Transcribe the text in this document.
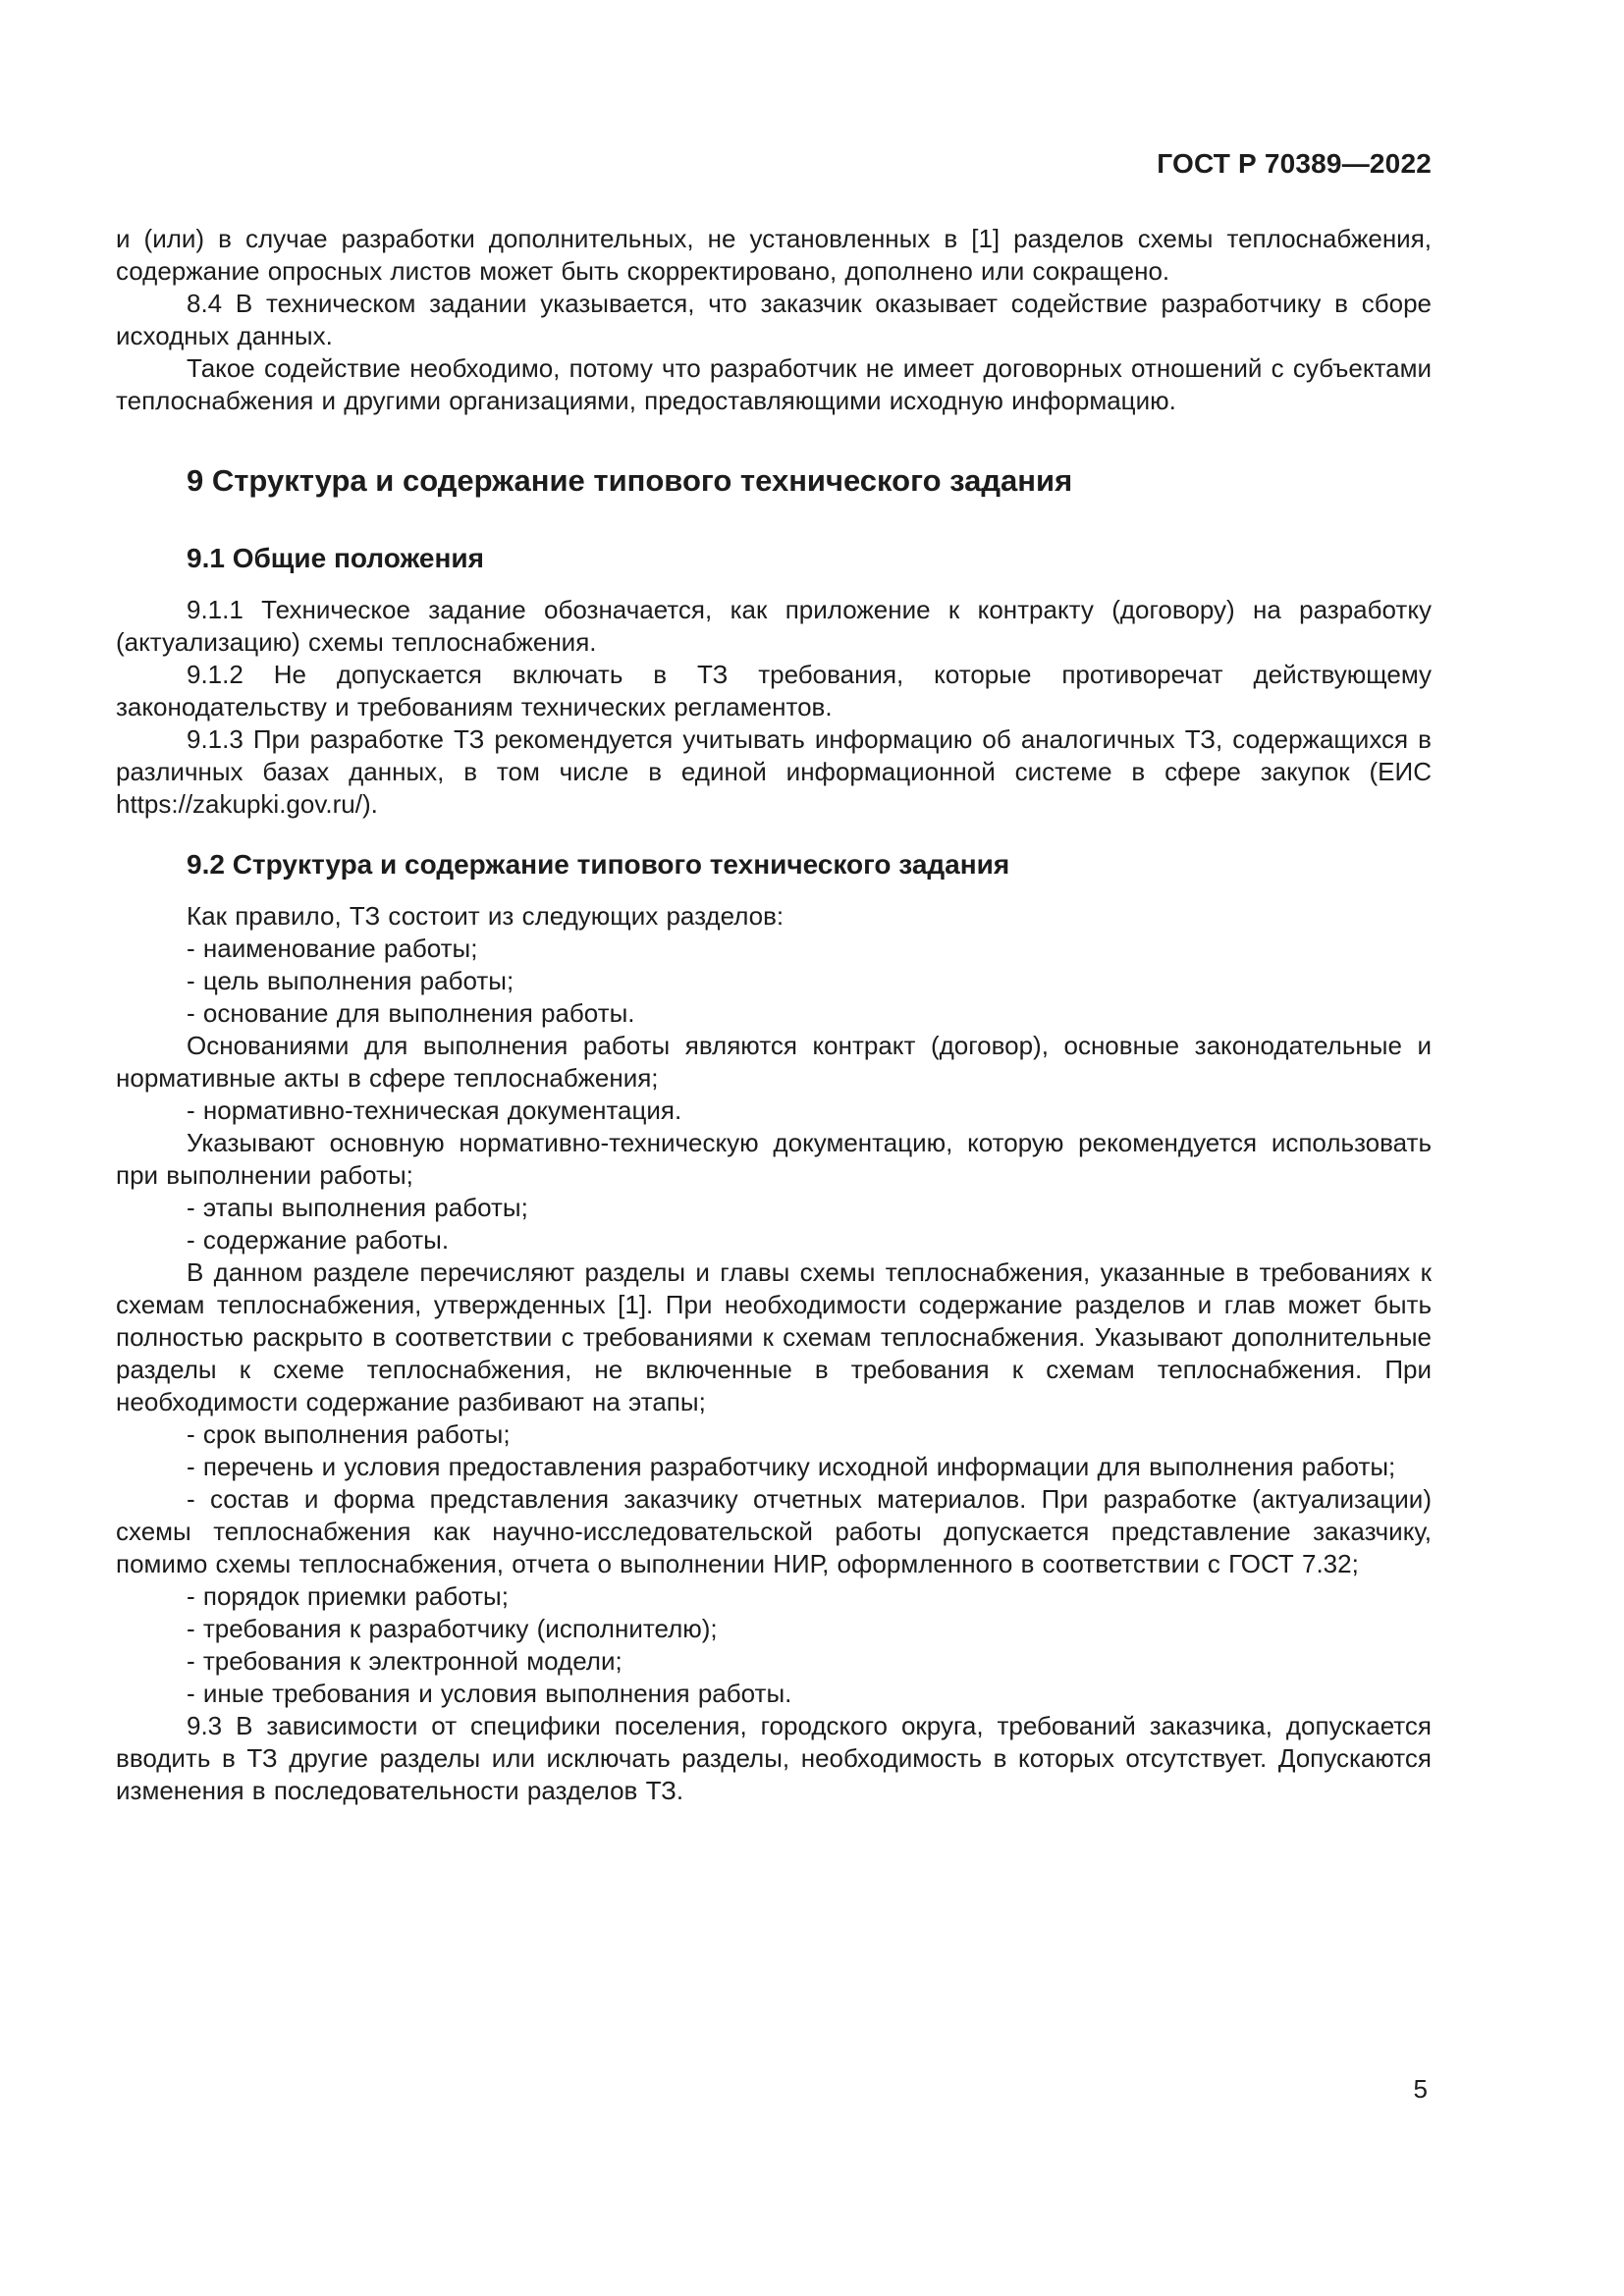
ГОСТ Р 70389—2022

и (или) в случае разработки дополнительных, не установленных в [1] разделов схемы теплоснабжения, содержание опросных листов может быть скорректировано, дополнено или сокращено.

8.4 В техническом задании указывается, что заказчик оказывает содействие разработчику в сборе исходных данных.

Такое содействие необходимо, потому что разработчик не имеет договорных отношений с субъектами теплоснабжения и другими организациями, предоставляющими исходную информацию.

9 Структура и содержание типового технического задания
9.1 Общие положения

9.1.1 Техническое задание обозначается, как приложение к контракту (договору) на разработку (актуализацию) схемы теплоснабжения.

9.1.2 Не допускается включать в ТЗ требования, которые противоречат действующему законодательству и требованиям технических регламентов.

9.1.3 При разработке ТЗ рекомендуется учитывать информацию об аналогичных ТЗ, содержащихся в различных базах данных, в том числе в единой информационной системе в сфере закупок (ЕИС https://zakupki.gov.ru/).

9.2 Структура и содержание типового технического задания

Как правило, ТЗ состоит из следующих разделов:

- наименование работы;

- цель выполнения работы;

- основание для выполнения работы.

Основаниями для выполнения работы являются контракт (договор), основные законодательные и нормативные акты в сфере теплоснабжения;

- нормативно-техническая документация.

Указывают основную нормативно-техническую документацию, которую рекомендуется использовать при выполнении работы;

- этапы выполнения работы;

- содержание работы.

В данном разделе перечисляют разделы и главы схемы теплоснабжения, указанные в требованиях к схемам теплоснабжения, утвержденных [1]. При необходимости содержание разделов и глав может быть полностью раскрыто в соответствии с требованиями к схемам теплоснабжения. Указывают дополнительные разделы к схеме теплоснабжения, не включенные в требования к схемам теплоснабжения. При необходимости содержание разбивают на этапы;

- срок выполнения работы;

- перечень и условия предоставления разработчику исходной информации для выполнения работы;

- состав и форма представления заказчику отчетных материалов. При разработке (актуализации) схемы теплоснабжения как научно-исследовательской работы допускается представление заказчику, помимо схемы теплоснабжения, отчета о выполнении НИР, оформленного в соответствии с ГОСТ 7.32;

- порядок приемки работы;

- требования к разработчику (исполнителю);

- требования к электронной модели;

- иные требования и условия выполнения работы.

9.3 В зависимости от специфики поселения, городского округа, требований заказчика, допускается вводить в ТЗ другие разделы или исключать разделы, необходимость в которых отсутствует. Допускаются изменения в последовательности разделов ТЗ.

5
